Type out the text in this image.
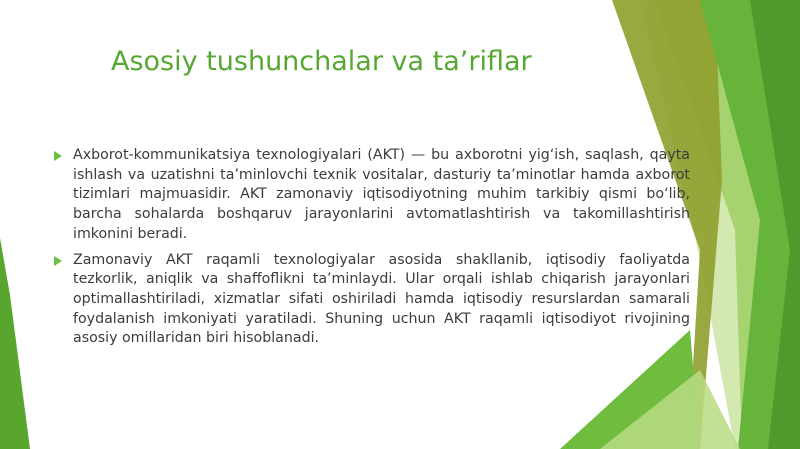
Asosiy tushunchalar va ta’riflar
Axborot-kommunikatsiya texnologiyalari (AKT) — bu axborotni yig‘ish, saqlash, qayta ishlash va uzatishni ta’minlovchi texnik vositalar, dasturiy ta’minotlar hamda axborot tizimlari majmuasidir. AKT zamonaviy iqtisodiyotning muhim tarkibiy qismi bo‘lib, barcha sohalarda boshqaruv jarayonlarini avtomatlashtirish va takomillashtirish imkonini beradi.
Zamonaviy AKT raqamli texnologiyalar asosida shakllanib, iqtisodiy faoliyatda tezkorlik, aniqlik va shaffoflikni ta’minlaydi. Ular orqali ishlab chiqarish jarayonlari optimallashtiriladi, xizmatlar sifati oshiriladi hamda iqtisodiy resurslardan samarali foydalanish imkoniyati yaratiladi. Shuning uchun AKT raqamli iqtisodiyot rivojining asosiy omillaridan biri hisoblanadi.
